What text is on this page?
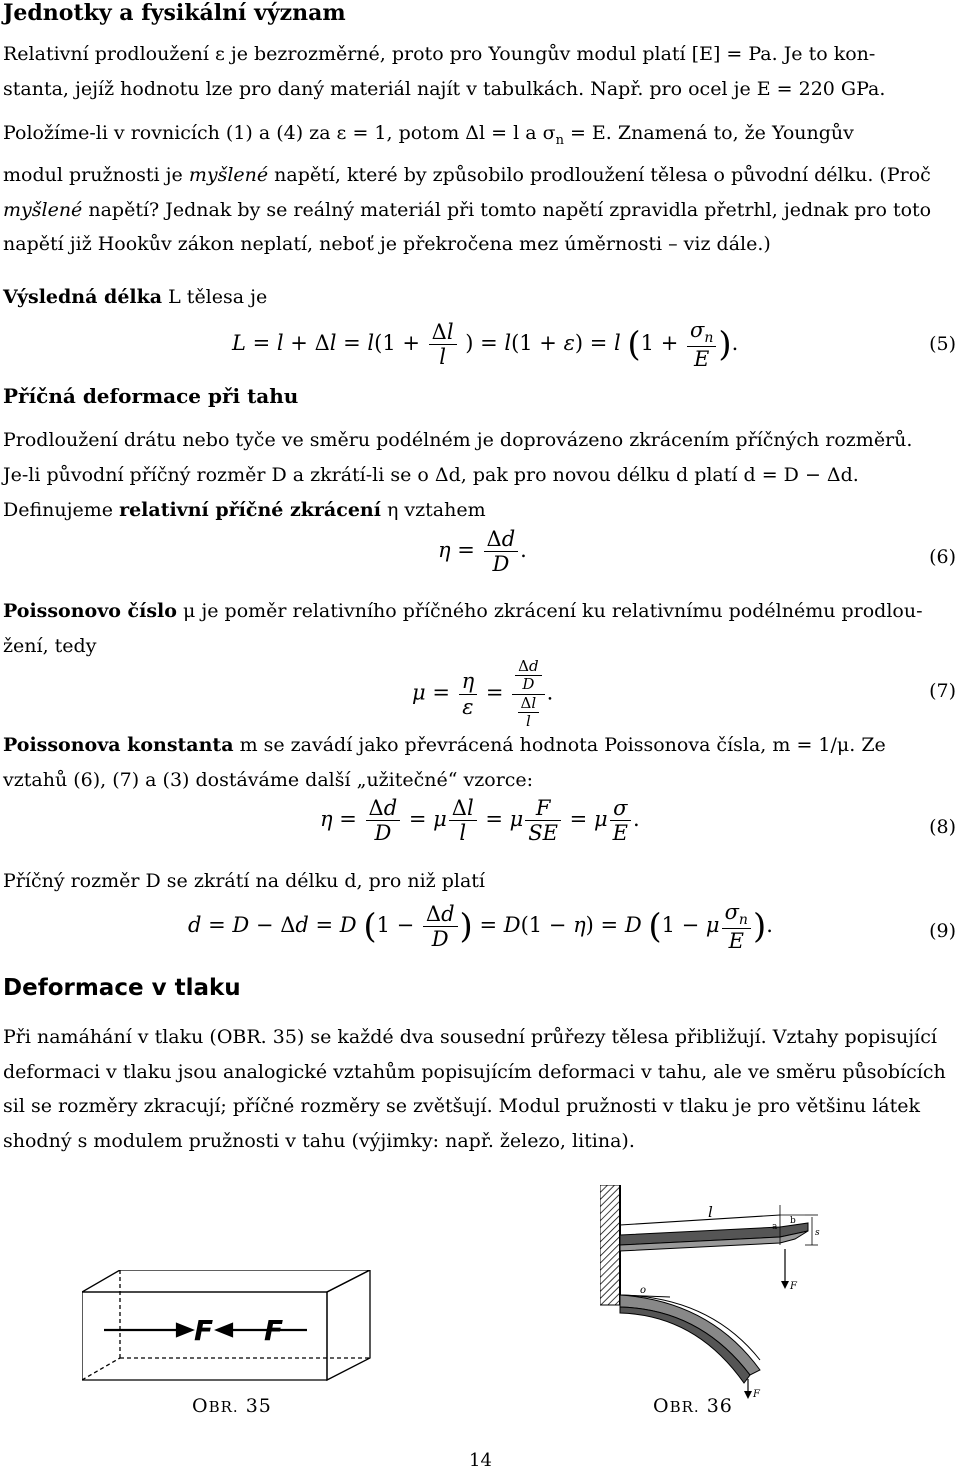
Jednotky a fysikální význam
Relativní prodloužení ε je bezrozměrné, proto pro Youngův modul platí [E] = Pa. Je to kon-
stanta, jejíž hodnotu lze pro daný materiál najít v tabulkách. Např. pro ocel je E = 220 GPa.
Položíme-li v rovnicích (1) a (4) za ε = 1, potom Δl = l a $\sigma_n = E$. Znamená to, že Youngův
modul pružnosti je myšlené napětí, které by způsobilo prodloužení tělesa o původní délku. (Proč
myšlené napětí? Jednak by se reálný materiál při tomto napětí zpravidla přetrhl, jednak pro toto
napětí již Hookův zákon neplatí, neboť je překročena mez úměrnosti – viz dále.)
Výsledná délka L tělesa je
$L = l + \Delta l = l(1 + \frac{\Delta l}{l}$ ) = l(1 + ε) = l ($1 + \frac{\sigma_n}{E}$ ).	(5)
Příčná deformace při tahu
Prodloužení drátu nebo tyče ve směru podélném je doprovázeno zkrácením příčných rozměrů.
Je-li původní příčný rozměr D a zkrátí-li se o Δd, pak pro novou délku d platí d = D − Δd.
Definujeme relativní příčné zkrácení η vztahem
$\eta = \frac{\Delta d}{D}$ .	(6)
Poissonovo číslo μ je poměr relativního příčného zkrácení ku relativnímu podélnému prodlou-
žení, tedy
$\mu = \frac{\eta}{\varepsilon} = \frac{\frac{\Delta d}{D}}{\frac{\Delta l}{l}}$ .	(7)
Poissonova konstanta m se zavádí jako převrácená hodnota Poissonova čísla, m = 1/μ. Ze
vztahů (6), (7) a (3) dostáváme další „užitečné“ vzorce:
$\eta = \frac{\Delta d}{D} = \mu \frac{\Delta l}{l} = \mu \frac{F}{SE} = \mu \frac{\sigma}{E}$ .	(8)
Příčný rozměr D se zkrátí na délku d, pro niž platí
d = D − Δd = D ($1 - \frac{\Delta d}{D}$ ) = D(1 − η) = D (1 − μ $\frac{\sigma_n}{E}$ ).	(9)
Deformace v tlaku
Při namáhání v tlaku (OBR. 35) se každé dva sousední průřezy tělesa přibližují. Vztahy popisující
deformaci v tlaku jsou analogické vztahům popisujícím deformaci v tahu, ale ve směru působících
sil se rozměry zkracují; příčné rozměry se zvětšují. Modul pružnosti v tlaku je pro většinu látek
shodný s modulem pružnosti v tahu (výjimky: např. železo, litina).
F F
l
a
b
s
F
o
F
OBR. 35	OBR. 36
14
